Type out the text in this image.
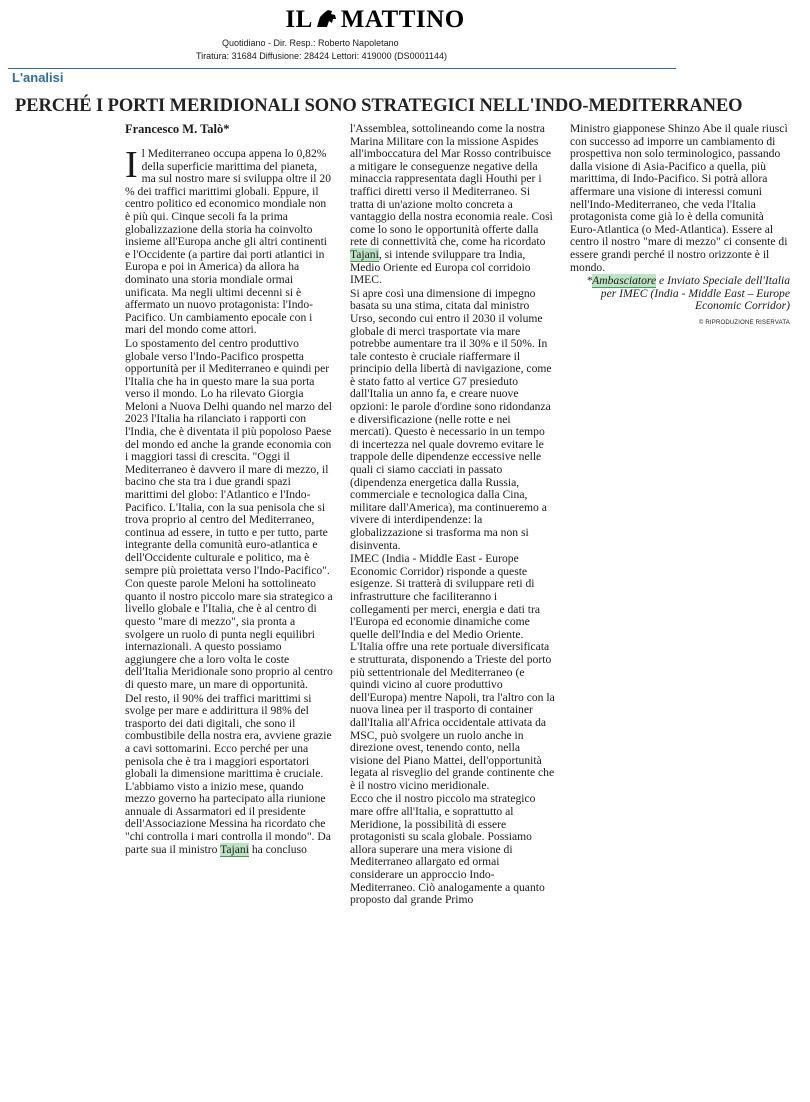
IL MATTINO
Quotidiano - Dir. Resp.: Roberto Napoletano
Tiratura: 31684 Diffusione: 28424 Lettori: 419000 (DS0001144)
L'analisi
PERCHÉ I PORTI MERIDIONALI SONO STRATEGICI NELL'INDO-MEDITERRANEO
Francesco M. Talò*

Il Mediterraneo occupa appena lo 0,82% della superficie marittima del pianeta, ma sul nostro mare si sviluppa oltre il 20 % dei traffici marittimi globali. Eppure, il centro politico ed economico mondiale non è più qui. Cinque secoli fa la prima globalizzazione della storia ha coinvolto insieme all'Europa anche gli altri continenti e l'Occidente (a partire dai porti atlantici in Europa e poi in America) da allora ha dominato una storia mondiale ormai unificata. Ma negli ultimi decenni si è affermato un nuovo protagonista: l'Indo-Pacifico. Un cambiamento epocale con i mari del mondo come attori.

Lo spostamento del centro produttivo globale verso l'Indo-Pacifico prospetta opportunità per il Mediterraneo e quindi per l'Italia che ha in questo mare la sua porta verso il mondo. Lo ha rilevato Giorgia Meloni a Nuova Delhi quando nel marzo del 2023 l'Italia ha rilanciato i rapporti con l'India, che è diventata il più popoloso Paese del mondo ed anche la grande economia con i maggiori tassi di crescita. "Oggi il Mediterraneo è davvero il mare di mezzo, il bacino che sta tra i due grandi spazi marittimi del globo: l'Atlantico e l'Indo-Pacifico. L'Italia, con la sua penisola che si trova proprio al centro del Mediterraneo, continua ad essere, in tutto e per tutto, parte integrante della comunità euro-atlantica e dell'Occidente culturale e politico, ma è sempre più proiettata verso l'Indo-Pacifico".

Con queste parole Meloni ha sottolineato quanto il nostro piccolo mare sia strategico a livello globale e l'Italia, che è al centro di questo "mare di mezzo", sia pronta a svolgere un ruolo di punta negli equilibri internazionali. A questo possiamo aggiungere che a loro volta le coste dell'Italia Meridionale sono proprio al centro di questo mare, un mare di opportunità.

Del resto, il 90% dei traffici marittimi si svolge per mare e addirittura il 98% del trasporto dei dati digitali, che sono il combustibile della nostra era, avviene grazie a cavi sottomarini. Ecco perché per una penisola che è tra i maggiori esportatori globali la dimensione marittima è cruciale. L'abbiamo visto a inizio mese, quando mezzo governo ha partecipato alla riunione annuale di Assarmatori ed il presidente dell'Associazione Messina ha ricordato che "chi controlla i mari controlla il mondo". Da parte sua il ministro Tajani ha concluso

l'Assemblea, sottolineando come la nostra Marina Militare con la missione Aspides all'imboccatura del Mar Rosso contribuisce a mitigare le conseguenze negative della minaccia rappresentata dagli Houthi per i traffici diretti verso il Mediterraneo. Si tratta di un'azione molto concreta a vantaggio della nostra economia reale. Così come lo sono le opportunità offerte dalla rete di connettività che, come ha ricordato Tajani, si intende sviluppare tra India, Medio Oriente ed Europa col corridoio IMEC.

Si apre così una dimensione di impegno basata su una stima, citata dal ministro Urso, secondo cui entro il 2030 il volume globale di merci trasportate via mare potrebbe aumentare tra il 30% e il 50%. In tale contesto è cruciale riaffermare il principio della libertà di navigazione, come è stato fatto al vertice G7 presieduto dall'Italia un anno fa, e creare nuove opzioni: le parole d'ordine sono ridondanza e diversificazione (nelle rotte e nei mercati). Questo è necessario in un tempo di incertezza nel quale dovremo evitare le trappole delle dipendenze eccessive nelle quali ci siamo cacciati in passato (dipendenza energetica dalla Russia, commerciale e tecnologica dalla Cina, militare dall'America), ma continueremo a vivere di interdipendenze: la globalizzazione si trasforma ma non si disinventa.

IMEC (India - Middle East - Europe Economic Corridor) risponde a queste esigenze. Si tratterà di sviluppare reti di infrastrutture che faciliteranno i collegamenti per merci, energia e dati tra l'Europa ed economie dinamiche come quelle dell'India e del Medio Oriente. L'Italia offre una rete portuale diversificata e strutturata, disponendo a Trieste del porto più settentrionale del Mediterraneo (e quindi vicino al cuore produttivo dell'Europa) mentre Napoli, tra l'altro con la nuova linea per il trasporto di container dall'Italia all'Africa occidentale attivata da MSC, può svolgere un ruolo anche in direzione ovest, tenendo conto, nella visione del Piano Mattei, dell'opportunità legata al risveglio del grande continente che è il nostro vicino meridionale.

Ecco che il nostro piccolo ma strategico mare offre all'Italia, e soprattutto al Meridione, la possibilità di essere protagonisti su scala globale. Possiamo allora superare una mera visione di Mediterraneo allargato ed ormai considerare un approccio Indo-Mediterraneo. Ciò analogamente a quanto proposto dal grande Primo

Ministro giapponese Shinzo Abe il quale riuscì con successo ad imporre un cambiamento di prospettiva non solo terminologico, passando dalla visione di Asia-Pacifico a quella, più marittima, di Indo-Pacifico. Si potrà allora affermare una visione di interessi comuni nell'Indo-Mediterraneo, che veda l'Italia protagonista come già lo è della comunità Euro-Atlantica (o Med-Atlantica). Essere al centro il nostro "mare di mezzo" ci consente di essere grandi perché il nostro orizzonte è il mondo.

*Ambasciatore e Inviato Speciale dell'Italia per IMEC (India - Middle East – Europe Economic Corridor)

© RIPRODUZIONE RISERVATA
